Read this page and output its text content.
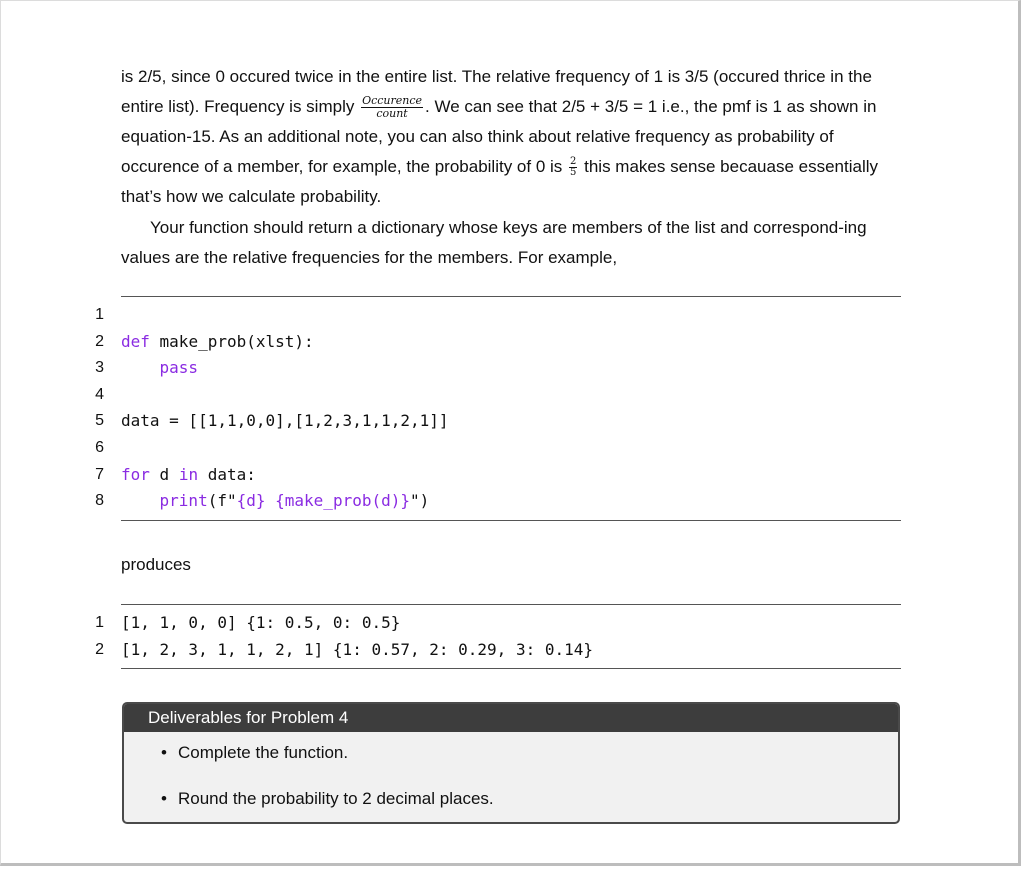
is 2/5, since 0 occured twice in the entire list. The relative frequency of 1 is 3/5 (occured thrice in the entire list). Frequency is simply $\frac{\text{Occurence}}{\text{count}}$ . We can see that 2/5 + 3/5 = 1 i.e., the pmf is 1 as shown in equation-15. As an additional note, you can also think about relative frequency as probability of occurence of a member, for example, the probability of 0 is $\frac{2}{5}$ this makes sense becauase essentially that’s how we calculate probability.

Your function should return a dictionary whose keys are members of the list and correspond-ing values are the relative frequencies for the members. For example,

1
2 def make_prob(xlst):
3	pass
4
5 data = [[1,1,0,0],[1,2,3,1,1,2,1]]
6
7 for d in data:
8	print(f"{d} {make_prob(d)}")

produces

1 [1, 1, 0, 0] {1: 0.5, 0: 0.5}
2 [1, 2, 3, 1, 1, 2, 1] {1: 0.57, 2: 0.29, 3: 0.14}
Deliverables for Problem 4
• Complete the function.
• Round the probability to 2 decimal places.
